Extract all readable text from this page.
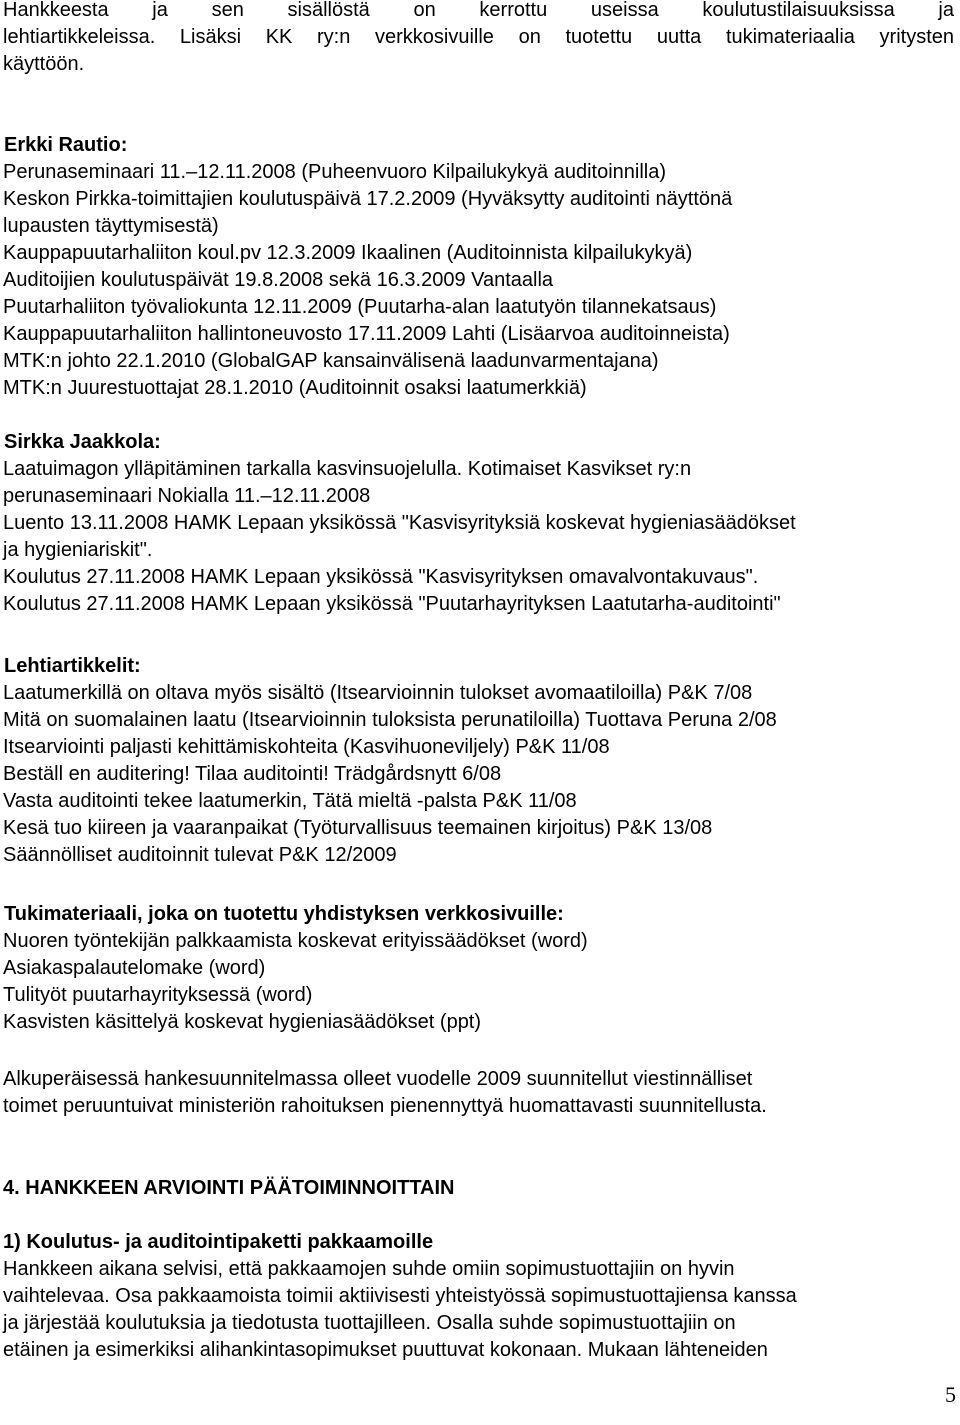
Hankkeesta ja sen sisällöstä on kerrottu useissa koulutustilaisuuksissa ja
lehtiartikkeleissa. Lisäksi KK ry:n verkkosivuille on tuotettu uutta tukimateriaalia yritysten
käyttöön.
Erkki Rautio:
Perunaseminaari 11.–12.11.2008 (Puheenvuoro Kilpailukykyä auditoinnilla)
Keskon Pirkka-toimittajien koulutuspäivä 17.2.2009 (Hyväksytty auditointi näyttönä
lupausten täyttymisestä)
Kauppapuutarhaliiton koul.pv 12.3.2009 Ikaalinen (Auditoinnista kilpailukykyä)
Auditoijien koulutuspäivät 19.8.2008 sekä 16.3.2009 Vantaalla
Puutarhaliiton työvaliokunta 12.11.2009 (Puutarha-alan laatutyön tilannekatsaus)
Kauppapuutarhaliiton hallintoneuvosto 17.11.2009 Lahti (Lisäarvoa auditoinneista)
MTK:n johto 22.1.2010 (GlobalGAP kansainvälisenä laadunvarmentajana)
MTK:n Juurestuottajat 28.1.2010 (Auditoinnit osaksi laatumerkkiä)
Sirkka Jaakkola:
Laatuimagon ylläpitäminen tarkalla kasvinsuojelulla. Kotimaiset Kasvikset ry:n
perunaseminaari Nokialla 11.–12.11.2008
Luento 13.11.2008 HAMK Lepaan yksikössä "Kasvisyrityksiä koskevat hygieniasäädökset
ja hygieniariskit".
Koulutus 27.11.2008 HAMK Lepaan yksikössä "Kasvisyrityksen omavalvontakuvaus".
Koulutus 27.11.2008 HAMK Lepaan yksikössä "Puutarhayrityksen Laatutarha-auditointi"
Lehtiartikkelit:
Laatumerkillä on oltava myös sisältö (Itsearvioinnin tulokset avomaatiloilla) P&K 7/08
Mitä on suomalainen laatu (Itsearvioinnin tuloksista perunatiloilla) Tuottava Peruna 2/08
Itsearviointi paljasti kehittämiskohteita (Kasvihuoneviljely) P&K 11/08
Beställ en auditering! Tilaa auditointi! Trädgårdsnytt 6/08
Vasta auditointi tekee laatumerkin, Tätä mieltä -palsta P&K 11/08
Kesä tuo kiireen ja vaaranpaikat (Työturvallisuus teemainen kirjoitus) P&K 13/08
Säännölliset auditoinnit tulevat P&K 12/2009
Tukimateriaali, joka on tuotettu yhdistyksen verkkosivuille:
Nuoren työntekijän palkkaamista koskevat erityissäädökset (word)
Asiakaspalautelomake (word)
Tulityöt puutarhayrityksessä (word)
Kasvisten käsittelyä koskevat hygieniasäädökset (ppt)
Alkuperäisessä hankesuunnitelmassa olleet vuodelle 2009 suunnitellut viestinnälliset
toimet peruuntuivat ministeriön rahoituksen pienennyttyä huomattavasti suunnitellusta.
4. HANKKEEN ARVIOINTI PÄÄTOIMINNOITTAIN
1) Koulutus- ja auditointipaketti pakkaamoille
Hankkeen aikana selvisi, että pakkaamojen suhde omiin sopimustuottajiin on hyvin
vaihtelevaa. Osa pakkaamoista toimii aktiivisesti yhteistyössä sopimustuottajiensa kanssa
ja järjestää koulutuksia ja tiedotusta tuottajilleen. Osalla suhde sopimustuottajiin on
etäinen ja esimerkiksi alihankintasopimukset puuttuvat kokonaan. Mukaan lähteneiden
5
